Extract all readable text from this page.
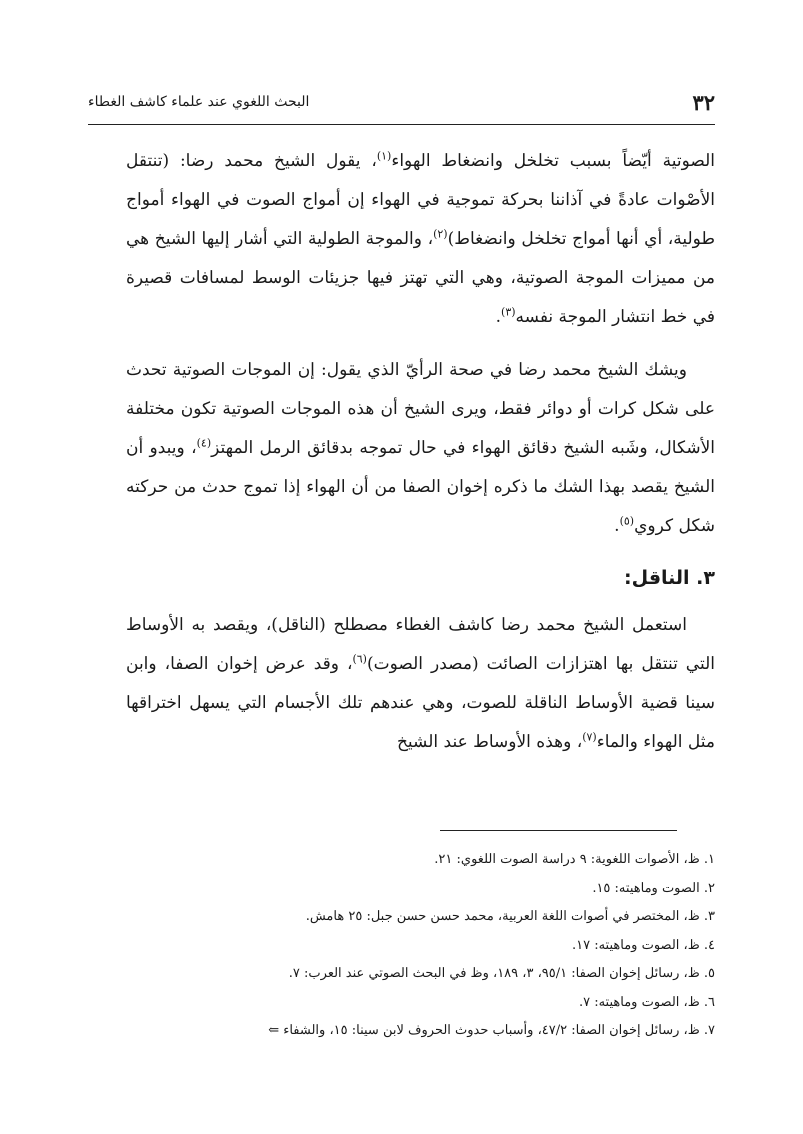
٣٢
البحث اللغوي عند علماء كاشف الغطاء

الصوتية أيّضاً بسبب تخلخل وانضغاط الهواء$^{(١)}$، يقول الشيخ محمد رضا: (تنتقل الأصْوات عادةً في آذاننا بحركة تموجية في الهواء إن أمواج الصوت في الهواء أمواج طولية، أي أنها أمواج تخلخل وانضغاط)$^{(٢)}$، والموجة الطولية التي أشار إليها الشيخ هي من مميزات الموجة الصوتية، وهي التي تهتز فيها جزيئات الوسط لمسافات قصيرة في خط انتشار الموجة نفسه$^{(٣)}$.

ويشك الشيخ محمد رضا في صحة الرأيّ الذي يقول: إن الموجات الصوتية تحدث على شكل كرات أو دوائر فقط، ويرى الشيخ أن هذه الموجات الصوتية تكون مختلفة الأشكال، وشَبه الشيخ دقائق الهواء في حال تموجه بدقائق الرمل المهتز$^{(٤)}$، ويبدو أن الشيخ يقصد بهذا الشك ما ذكره إخوان الصفا من أن الهواء إذا تموج حدث من حركته شكل كروي$^{(٥)}$.

٣. الناقل:

استعمل الشيخ محمد رضا كاشف الغطاء مصطلح (الناقل)، ويقصد به الأوساط التي تنتقل بها اهتزازات الصائت (مصدر الصوت)$^{(٦)}$، وقد عرض إخوان الصفا، وابن سينا قضية الأوساط الناقلة للصوت، وهي عندهم تلك الأجسام التي يسهل اختراقها مثل الهواء والماء$^{(٧)}$، وهذه الأوساط عند الشيخ

١. ظ، الأصوات اللغوية: ٩ دراسة الصوت اللغوي: ٢١.
٢. الصوت وماهيته: ١٥.
٣. ظ، المختصر في أصوات اللغة العربية، محمد حسن حسن جبل: ٢٥ هامش.
٤. ظ، الصوت وماهيته: ١٧.
٥. ظ، رسائل إخوان الصفا: ٩٥/١، ٣، ١٨٩، وظ في البحث الصوتي عند العرب: ٧.
٦. ظ، الصوت وماهيته: ٧.
٧. ظ، رسائل إخوان الصفا: ٤٧/٢، وأسباب حدوث الحروف لابن سينا: ١٥، والشفاء ⇐
